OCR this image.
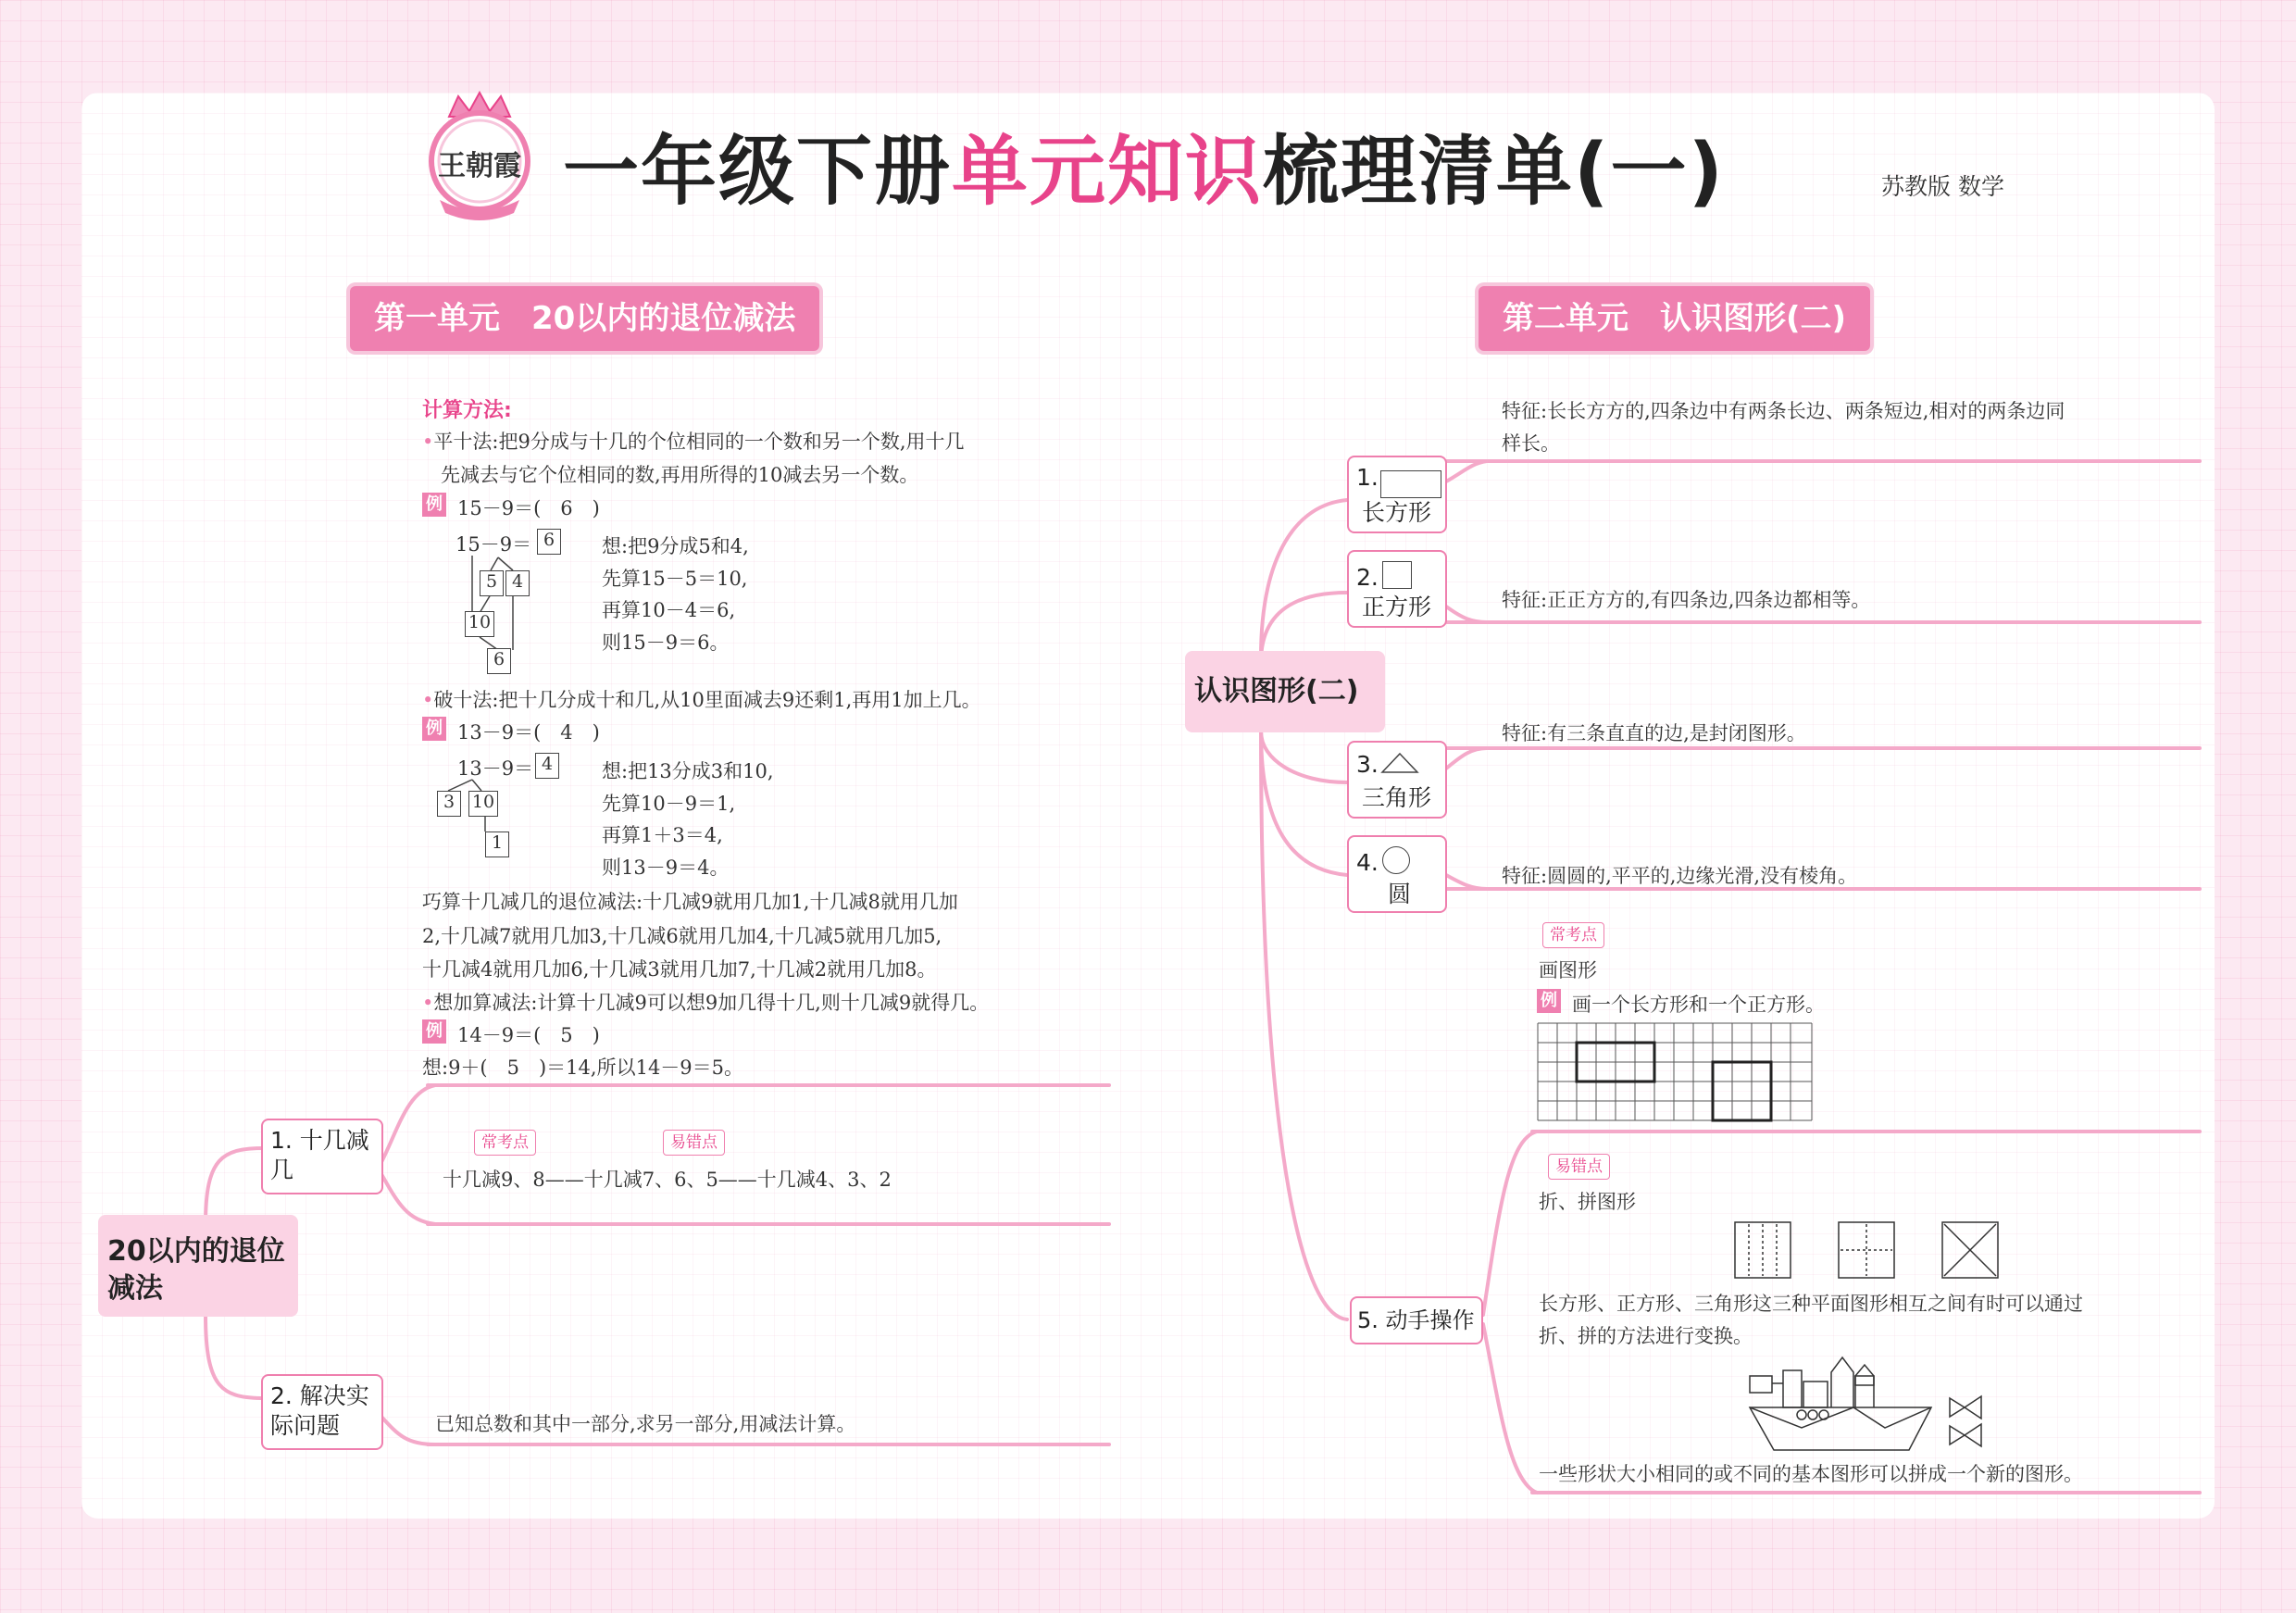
王朝霞 一年级下册单元知识梳理清单(一)	苏教版 数学
第一单元　20以内的退位减法
计算方法:
•平十法:把9分成与十几的个位相同的一个数和另一个数,用十几
先减去与它个位相同的数,再用所得的10减去另一个数。
例 15－9＝(　6　)
15－9＝ 6
5 4
10
6
想:把9分成5和4,
先算15－5＝10,
再算10－4＝6,
则15－9＝6。
•破十法:把十几分成十和几,从10里面减去9还剩1,再用1加上几。
例 13－9＝(　4　)
13－9＝ 4
3 10
1
想:把13分成3和10,
先算10－9＝1,
再算1＋3＝4,
则13－9＝4。
巧算十几减几的退位减法:十几减9就用几加1,十几减8就用几加
2,十几减7就用几加3,十几减6就用几加4,十几减5就用几加5,
十几减4就用几加6,十几减3就用几加7,十几减2就用几加8。
•想加算减法:计算十几减9可以想9加几得十几,则十几减9就得几。
例 14－9＝(　5　)
想:9＋(　5　)＝14,所以14－9＝5。
20以内的退位减法
1. 十几减几
常考点	易错点
十几减9、8——十几减7、6、5——十几减4、3、2
2. 解决实际问题	已知总数和其中一部分,求另一部分,用减法计算。
第二单元　认识图形(二)
认识图形(二)
1.
长方形
特征:长长方方的,四条边中有两条长边、两条短边,相对的两条边同
样长。
2.
正方形	特征:正正方方的,有四条边,四条边都相等。
3.
三角形
特征:有三条直直的边,是封闭图形。
4.
圆
特征:圆圆的,平平的,边缘光滑,没有棱角。
常考点
画图形
例 画一个长方形和一个正方形。
易错点
折、拼图形
长方形、正方形、三角形这三种平面图形相互之间有时可以通过
折、拼的方法进行变换。
一些形状大小相同的或不同的基本图形可以拼成一个新的图形。
5. 动手操作
